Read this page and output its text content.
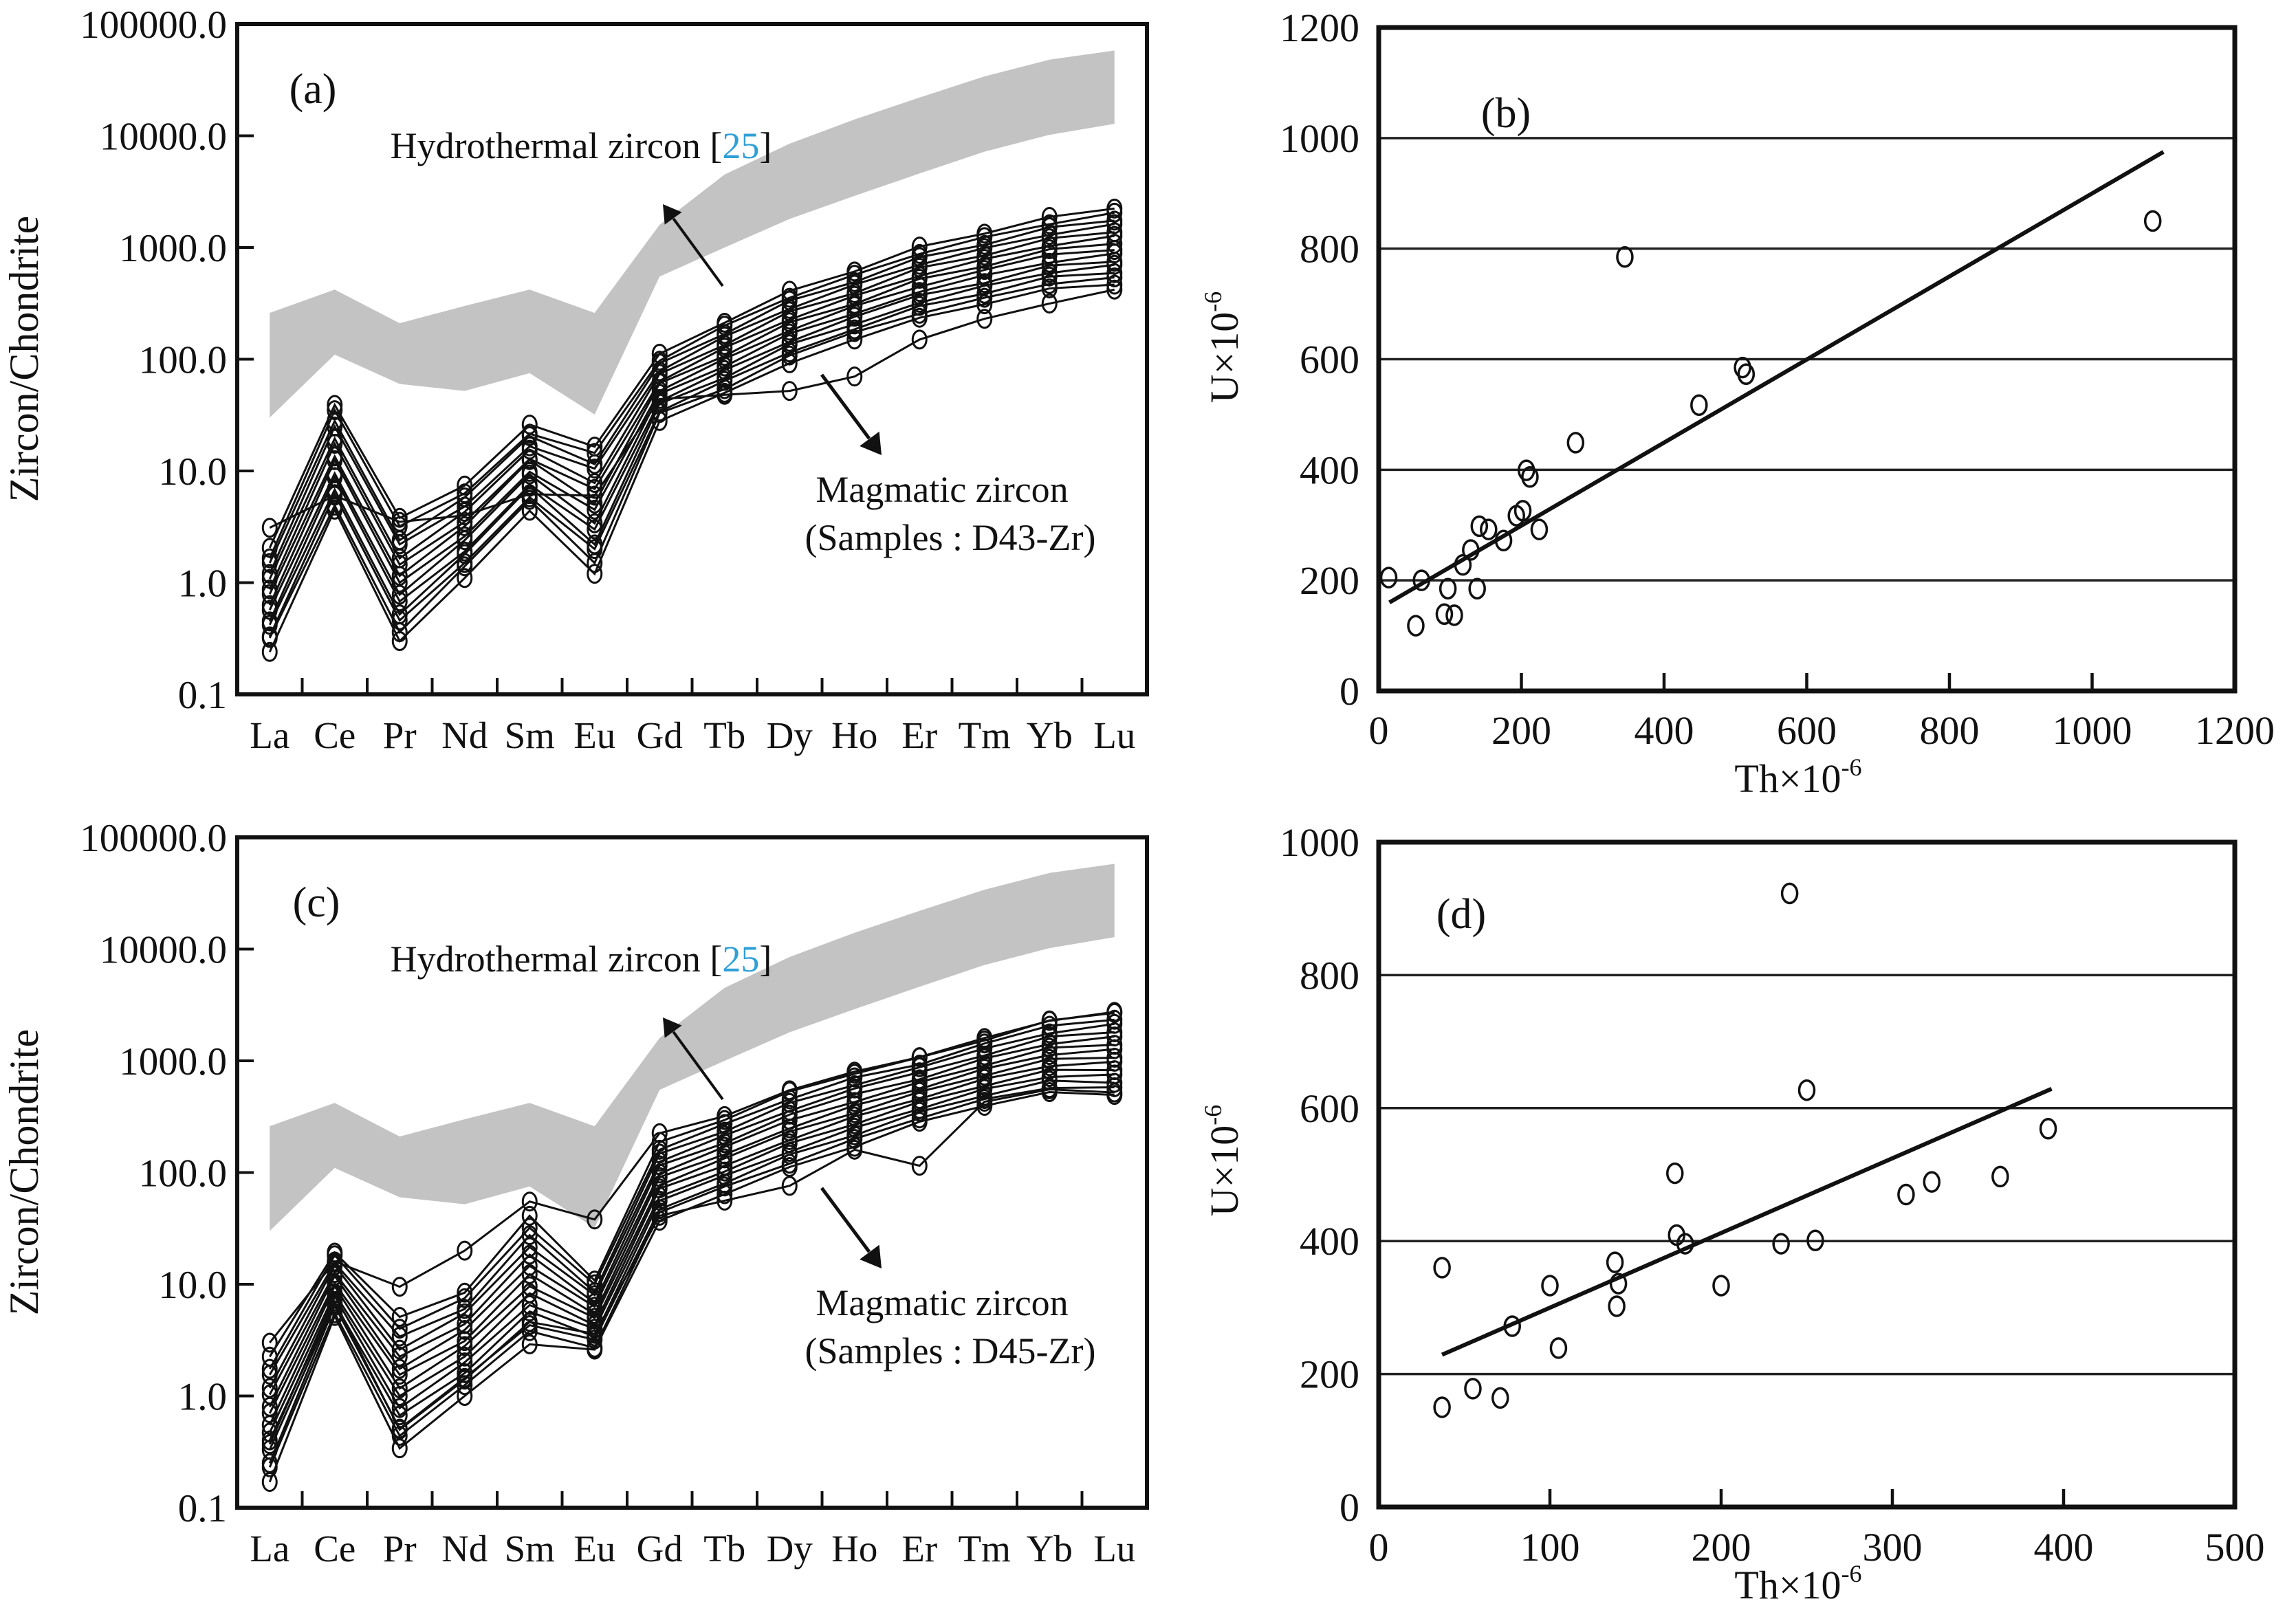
100000.0
10000.0
1000.0
100.0
10.0
1.0
0.1
Zircon/Chondrite
La Ce Pr Nd Sm Eu Gd Tb Dy Ho Er Tm Yb Lu
(a)
Hydrothermal zircon [25]
Magmatic zircon
(Samples : D43-Zr)
0
200
400
600
800
1000
1200
0	200 400 600 800 1000 1200
$Th\times 10^{-6}$
$U\times 10^{-6}$
(b)
100000.0
10000.0
1000.0
100.0
10.0
1.0
0.1
Zircon/Chondrite
La Ce Pr Nd Sm Eu Gd Tb Dy Ho Er Tm Yb Lu
(c)
Hydrothermal zircon [25]
Magmatic zircon
(Samples : D45-Zr)
0
200
400
600
800
1000
0	100	200	300	400	500
$Th\times 10^{-6}$
$U\times 10^{-6}$
(d)
